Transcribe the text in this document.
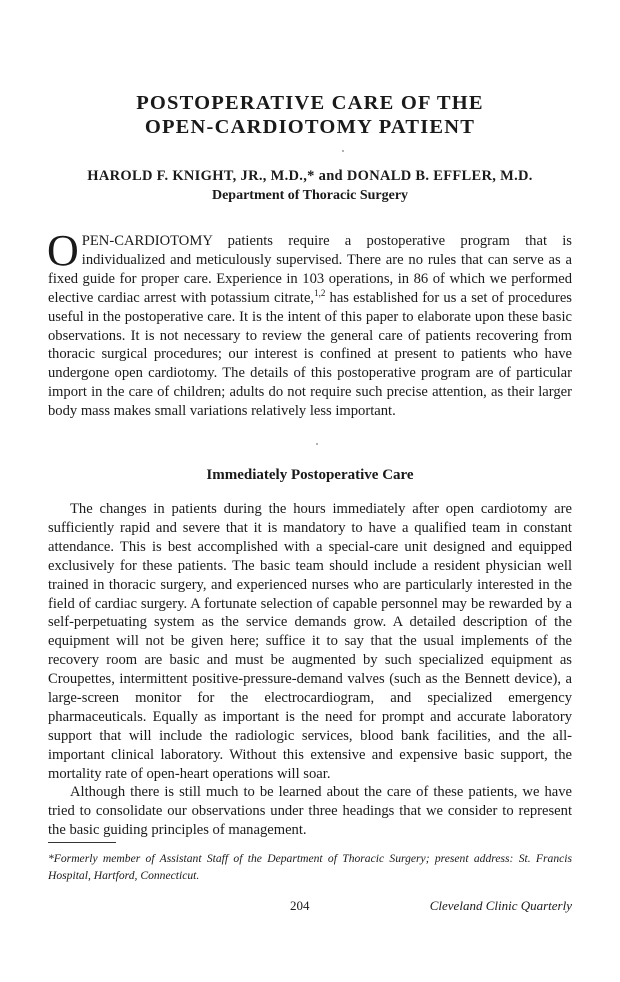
POSTOPERATIVE CARE OF THE
OPEN-CARDIOTOMY PATIENT
HAROLD F. KNIGHT, JR., M.D.,* and DONALD B. EFFLER, M.D.
Department of Thoracic Surgery

OPEN-CARDIOTOMY patients require a postoperative program that is individualized and meticulously supervised. There are no rules that can serve as a fixed guide for proper care. Experience in 103 operations, in 86 of which we performed elective cardiac arrest with potassium citrate,$^{1,2}$ has established for us a set of procedures useful in the postoperative care. It is the intent of this paper to elaborate upon these basic observations. It is not necessary to review the general care of patients recovering from thoracic surgical procedures; our interest is confined at present to patients who have undergone open cardiotomy. The details of this postoperative program are of particular import in the care of children; adults do not require such precise attention, as their larger body mass makes small variations relatively less important.

Immediately Postoperative Care

The changes in patients during the hours immediately after open cardiotomy are sufficiently rapid and severe that it is mandatory to have a qualified team in constant attendance. This is best accomplished with a special-care unit designed and equipped exclusively for these patients. The basic team should include a resident physician well trained in thoracic surgery, and experienced nurses who are particularly interested in the field of cardiac surgery. A fortunate selection of capable personnel may be rewarded by a self-perpetuating system as the service demands grow. A detailed description of the equipment will not be given here; suffice it to say that the usual implements of the recovery room are basic and must be augmented by such specialized equipment as Croupettes, intermittent positive-pressure-demand valves (such as the Bennett device), a large-screen monitor for the electrocardiogram, and specialized emergency pharmaceuticals. Equally as important is the need for prompt and accurate laboratory support that will include the radiologic services, blood bank facilities, and the all-important clinical laboratory. Without this extensive and expensive basic support, the mortality rate of open-heart operations will soar.

Although there is still much to be learned about the care of these patients, we have tried to consolidate our observations under three headings that we consider to represent the basic guiding principles of management.

*Formerly member of Assistant Staff of the Department of Thoracic Surgery; present address: St. Francis Hospital, Hartford, Connecticut.
204	Cleveland Clinic Quarterly
